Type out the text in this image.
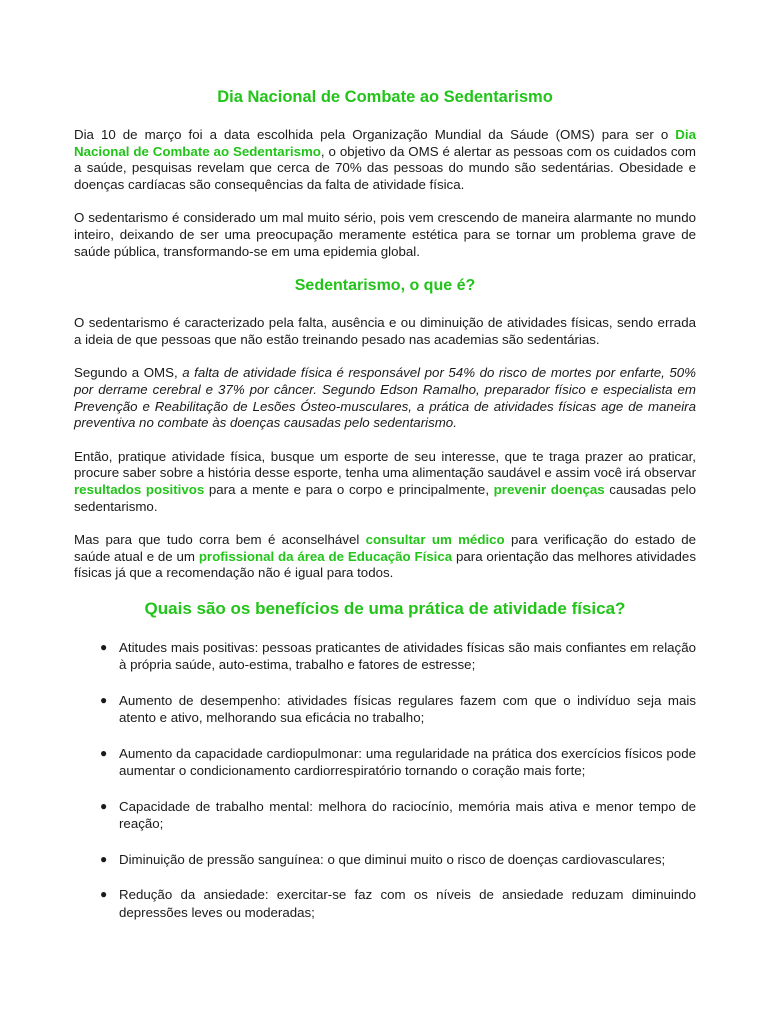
Dia Nacional de Combate ao Sedentarismo

Dia 10 de março foi a data escolhida pela Organização Mundial da Sáude (OMS) para ser o Dia Nacional de Combate ao Sedentarismo, o objetivo da OMS é alertar as pessoas com os cuidados com a saúde, pesquisas revelam que cerca de 70% das pessoas do mundo são sedentárias. Obesidade e doenças cardíacas são consequências da falta de atividade física.

O sedentarismo é considerado um mal muito sério, pois vem crescendo de maneira alarmante no mundo inteiro, deixando de ser uma preocupação meramente estética para se tornar um problema grave de saúde pública, transformando-se em uma epidemia global.

Sedentarismo, o que é?

O sedentarismo é caracterizado pela falta, ausência e ou diminuição de atividades físicas, sendo errada a ideia de que pessoas que não estão treinando pesado nas academias são sedentárias.

Segundo a OMS, a falta de atividade física é responsável por 54% do risco de mortes por enfarte, 50% por derrame cerebral e 37% por câncer. Segundo Edson Ramalho, preparador físico e especialista em Prevenção e Reabilitação de Lesões Ósteo-musculares, a prática de atividades físicas age de maneira preventiva no combate às doenças causadas pelo sedentarismo.

Então, pratique atividade física, busque um esporte de seu interesse, que te traga prazer ao praticar, procure saber sobre a história desse esporte, tenha uma alimentação saudável e assim você irá observar resultados positivos para a mente e para o corpo e principalmente, prevenir doenças causadas pelo sedentarismo.

Mas para que tudo corra bem é aconselhável consultar um médico para verificação do estado de saúde atual e de um profissional da área de Educação Física para orientação das melhores atividades físicas já que a recomendação não é igual para todos.

Quais são os benefícios de uma prática de atividade física?
● Atitudes mais positivas: pessoas praticantes de atividades físicas são mais confiantes em relação à própria saúde, auto-estima, trabalho e fatores de estresse;
● Aumento de desempenho: atividades físicas regulares fazem com que o indivíduo seja mais atento e ativo, melhorando sua eficácia no trabalho;
● Aumento da capacidade cardiopulmonar: uma regularidade na prática dos exercícios físicos pode aumentar o condicionamento cardiorrespiratório tornando o coração mais forte;
● Capacidade de trabalho mental: melhora do raciocínio, memória mais ativa e menor tempo de reação;
● Diminuição de pressão sanguínea: o que diminui muito o risco de doenças cardiovasculares;
● Redução da ansiedade: exercitar-se faz com os níveis de ansiedade reduzam diminuindo depressões leves ou moderadas;
